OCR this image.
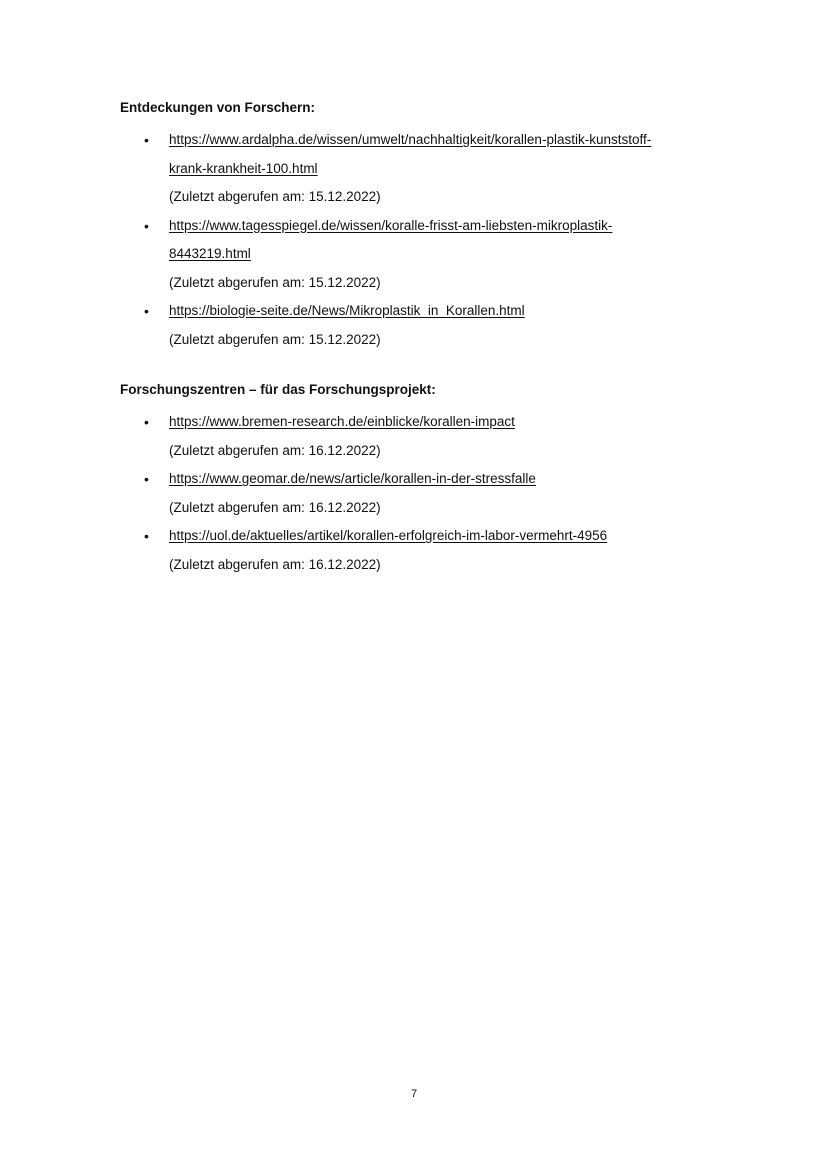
Entdeckungen von Forschern:
• https://www.ardalpha.de/wissen/umwelt/nachhaltigkeit/korallen-plastik-kunststoff-
krank-krankheit-100.html
(Zuletzt abgerufen am: 15.12.2022)
• https://www.tagesspiegel.de/wissen/koralle-frisst-am-liebsten-mikroplastik-
8443219.html
(Zuletzt abgerufen am: 15.12.2022)
• https://biologie-seite.de/News/Mikroplastik_in_Korallen.html
(Zuletzt abgerufen am: 15.12.2022)
Forschungszentren – für das Forschungsprojekt:
• https://www.bremen-research.de/einblicke/korallen-impact
(Zuletzt abgerufen am: 16.12.2022)
• https://www.geomar.de/news/article/korallen-in-der-stressfalle
(Zuletzt abgerufen am: 16.12.2022)
• https://uol.de/aktuelles/artikel/korallen-erfolgreich-im-labor-vermehrt-4956
(Zuletzt abgerufen am: 16.12.2022)
7
